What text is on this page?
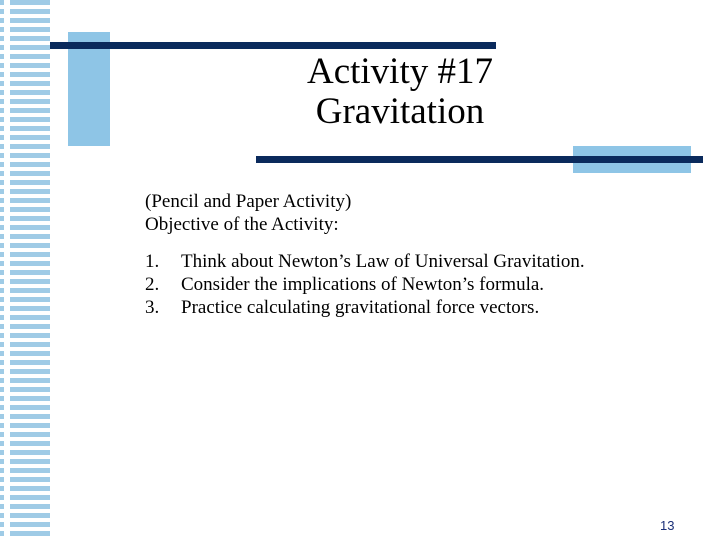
Activity #17
Gravitation

(Pencil and Paper Activity)

Objective of the Activity:

1.	Think about Newton’s Law of Universal Gravitation.
2.	Consider the implications of Newton’s formula.
3.	Practice calculating gravitational force vectors.
13
